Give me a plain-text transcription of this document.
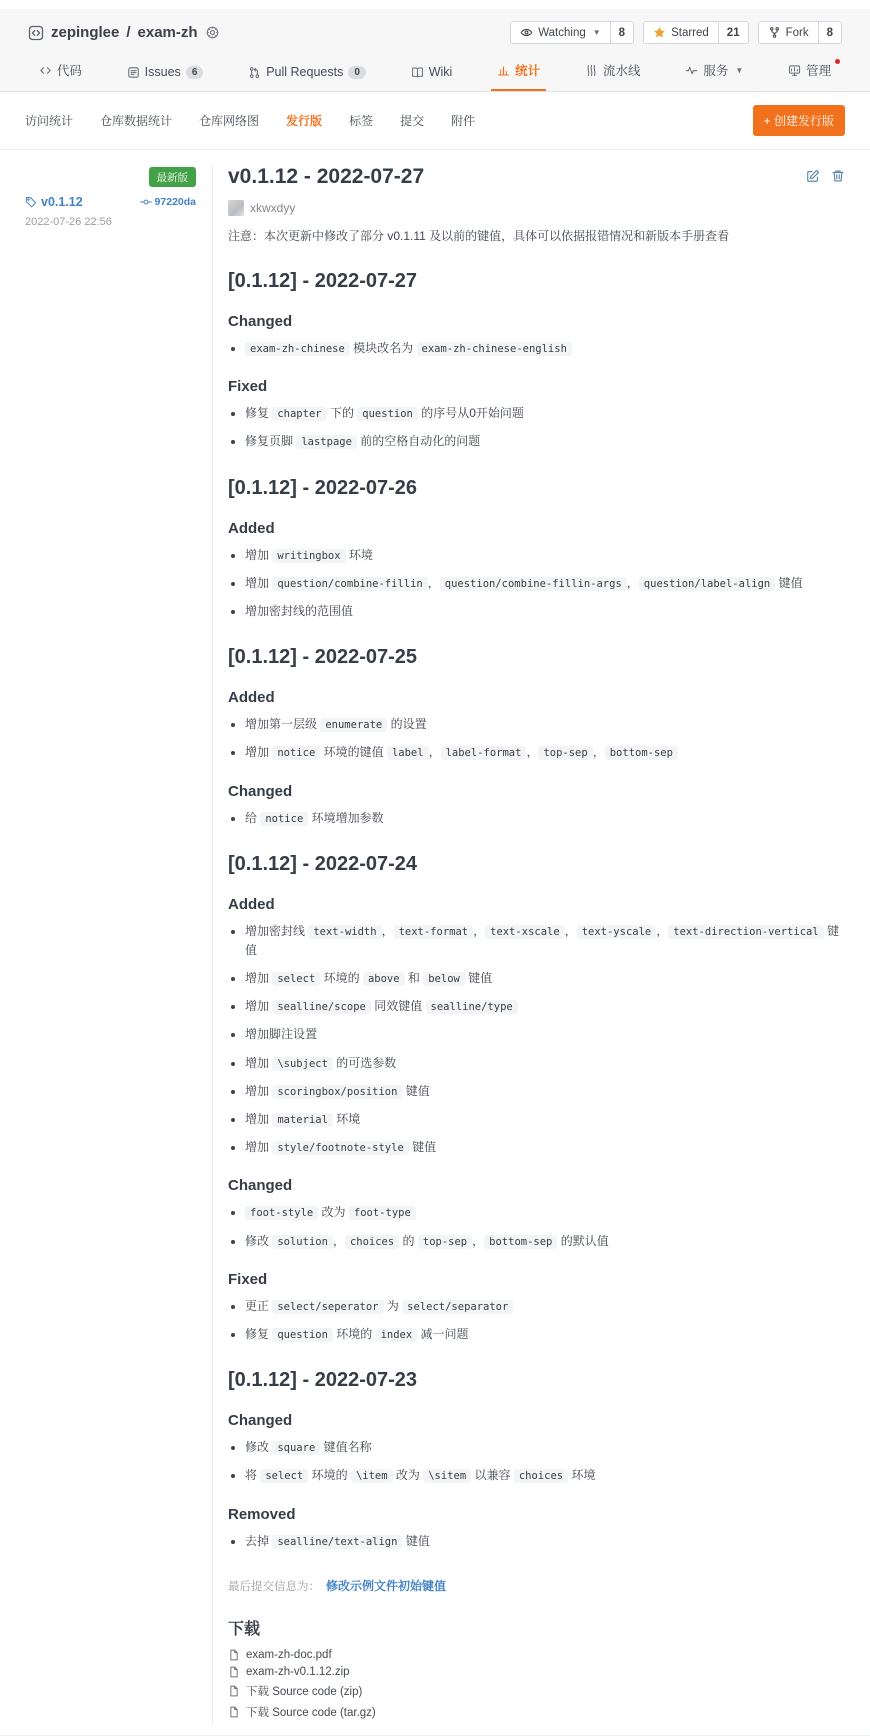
zepinglee / exam-zh	Watching ▼	8	Starred	21	Fork	8
代码	Issues	6	Pull Requests	0	Wiki	统计	流水线	服务 ▼	管理
访问统计 仓库数据统计 仓库网络图 发行版 标签 提交 附件	+ 创建发行版
最新版
v0.1.12	97220da
2022-07-26 22:56
v0.1.12 - 2022-07-27
xkwxdyy

注意：本次更新中修改了部分 v0.1.11 及以前的键值，具体可以依据报错情况和新版本手册查看

[0.1.12] - 2022-07-27
Changed
exam-zh-chinese 模块改名为 exam-zh-chinese-english
Fixed
修复 chapter 下的 question 的序号从0开始问题
修复页脚 lastpage 前的空格自动化的问题
[0.1.12] - 2022-07-26
Added
增加 writingbox 环境
增加 question/combine-fillin ， question/combine-fillin-args ， question/label-align 键值
增加密封线的范围值
[0.1.12] - 2022-07-25
Added
增加第一层级 enumerate 的设置
增加 notice 环境的键值 label ， label-format ， top-sep ， bottom-sep
Changed
给 notice 环境增加参数
[0.1.12] - 2022-07-24
Added
增加密封线 text-width ， text-format ， text-xscale ， text-yscale ， text-direction-vertical 键值
增加 select 环境的 above 和 below 键值
增加 sealline/scope 同效键值 sealline/type
增加脚注设置
增加 \subject 的可选参数
增加 scoringbox/position 键值
增加 material 环境
增加 style/footnote-style 键值
Changed
foot-style 改为 foot-type
修改 solution ， choices 的 top-sep ， bottom-sep 的默认值
Fixed
更正 select/seperator 为 select/separator
修复 question 环境的 index 减一问题
[0.1.12] - 2022-07-23
Changed
修改 square 键值名称
将 select 环境的 \item 改为 \sitem 以兼容 choices 环境
Removed
去掉 sealline/text-align 键值

最后提交信息为： 修改示例文件初始键值

下载
exam-zh-doc.pdf
exam-zh-v0.1.12.zip
下载 Source code (zip)
下载 Source code (tar.gz)
